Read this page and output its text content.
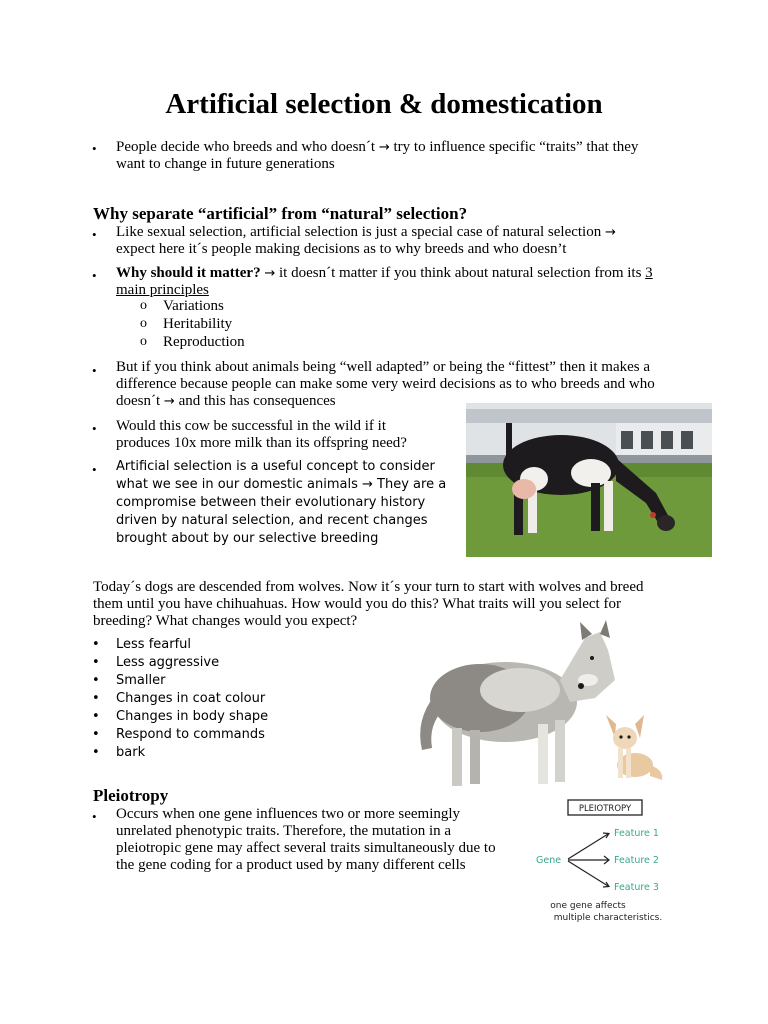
Artificial selection & domestication
• People decide who breeds and who doesn´t → try to influence specific “traits” that they
want to change in future generations
Why separate “artificial” from “natural” selection?
• Like sexual selection, artificial selection is just a special case of natural selection →
expect here it´s people making decisions as to why breeds and who doesn’t
• Why should it matter? → it doesn´t matter if you think about natural selection from its 3
main principles
o Variations
o Heritability
o Reproduction
• But if you think about animals being “well adapted” or being the “fittest” then it makes a
difference because people can make some very weird decisions as to who breeds and who
doesn´t → and this has consequences
• Would this cow be successful in the wild if it
produces 10x more milk than its offspring need?
• Artificial selection is a useful concept to consider
what we see in our domestic animals → They are a
compromise between their evolutionary history
driven by natural selection, and recent changes
brought about by our selective breeding
Today´s dogs are descended from wolves. Now it´s your turn to start with wolves and breed
them until you have chihuahuas. How would you do this? What traits will you select for
breeding? What changes would you expect?
• Less fearful
• Less aggressive
• Smaller
• Changes in coat colour
• Changes in body shape
• Respond to commands
• bark
Pleiotropy
• Occurs when one gene influences two or more seemingly
unrelated phenotypic traits. Therefore, the mutation in a
pleiotropic gene may affect several traits simultaneously due to
the gene coding for a product used by many different cells
PLEIOTROPY
Gene
Feature 1
Feature 2
Feature 3
one gene affects
multiple characteristics.
